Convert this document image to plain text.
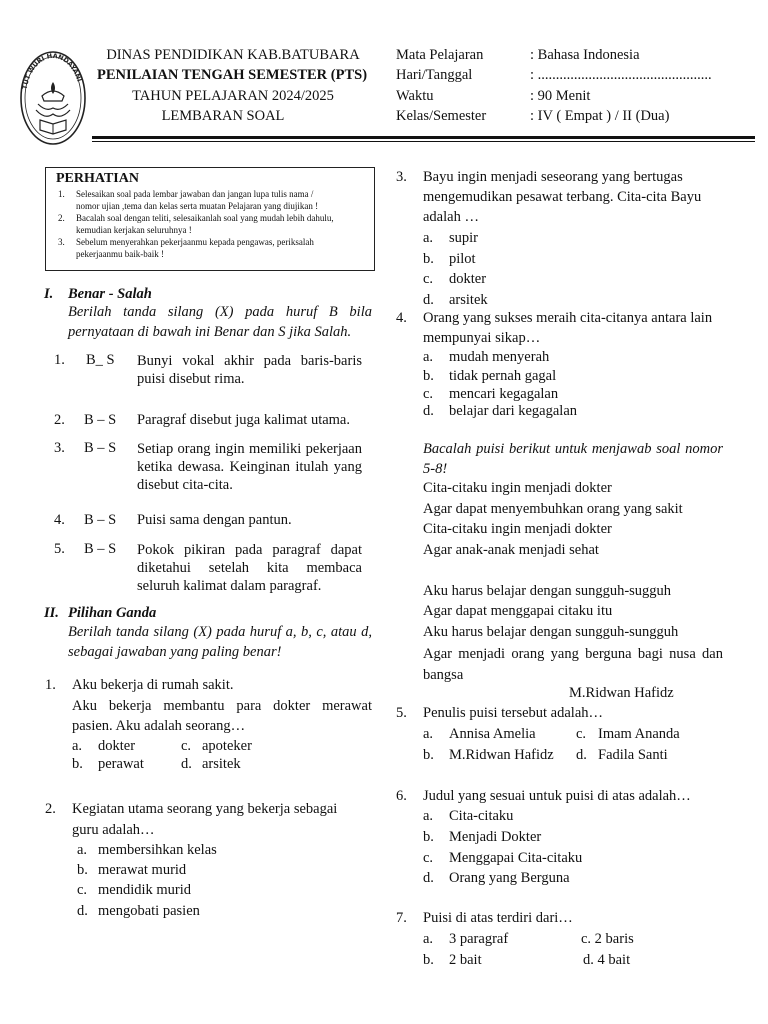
TUT WURI HANDAYANI
DINAS PENDIDIKAN KAB.BATUBARA
PENILAIAN TENGAH SEMESTER (PTS)
TAHUN PELAJARAN 2024/2025
LEMBARAN SOAL
Mata Pelajaran	: Bahasa Indonesia
Hari/Tanggal	: ................................................
Waktu	: 90 Menit
Kelas/Semester	: IV ( Empat ) / II (Dua)
PERHATIAN
1. Selesaikan soal pada lembar jawaban dan jangan lupa tulis nama /
nomor ujian ,tema dan kelas serta muatan Pelajaran yang diujikan !
2. Bacalah soal dengan teliti, selesaikanlah soal yang mudah lebih dahulu,
kemudian kerjakan seluruhnya !
3. Sebelum menyerahkan pekerjaanmu kepada pengawas, periksalah
pekerjaanmu baik-baik !
I. Benar - Salah
Berilah tanda silang (X) pada huruf B bila pernyataan di bawah ini Benar dan S jika Salah.
1. B_ S Bunyi vokal akhir pada baris-baris puisi disebut rima.
2. B – S Paragraf disebut juga kalimat utama.
3. B – S Setiap orang ingin memiliki pekerjaan ketika dewasa. Keinginan itulah yang disebut cita-cita.
4. B – S Puisi sama dengan pantun.
5. B – S Pokok pikiran pada paragraf dapat diketahui setelah kita membaca seluruh kalimat dalam paragraf.
II. Pilihan Ganda
Berilah tanda silang (X) pada huruf a, b, c, atau d, sebagai jawaban yang paling benar!
1. Aku bekerja di rumah sakit.
Aku bekerja membantu para dokter merawat pasien. Aku adalah seorang…
a. dokter	c. apoteker
b. perawat	d. arsitek
2. Kegiatan utama seorang yang bekerja sebagai
guru adalah…
a. membersihkan kelas
b. merawat murid
c. mendidik murid
d. mengobati pasien
3. Bayu ingin menjadi seseorang yang bertugas
mengemudikan pesawat terbang. Cita-cita Bayu
adalah …
a. supir
b. pilot
c. dokter
d. arsitek
4. Orang yang sukses meraih cita-citanya antara lain
mempunyai sikap…
a. mudah menyerah
b. tidak pernah gagal
c. mencari kegagalan
d. belajar dari kegagalan
Bacalah puisi berikut untuk menjawab soal nomor 5-8!
Cita-citaku ingin menjadi dokter
Agar dapat menyembuhkan orang yang sakit
Cita-citaku ingin menjadi dokter
Agar anak-anak menjadi sehat
Aku harus belajar dengan sungguh-sugguh
Agar dapat menggapai citaku itu
Aku harus belajar dengan sungguh-sungguh
Agar menjadi orang yang berguna bagi nusa dan bangsa
M.Ridwan Hafidz
5. Penulis puisi tersebut adalah…
a. Annisa Amelia	c. Imam Ananda
b. M.Ridwan Hafidz d. Fadila Santi
6. Judul yang sesuai untuk puisi di atas adalah…
a. Cita-citaku
b. Menjadi Dokter
c. Menggapai Cita-citaku
d. Orang yang Berguna
7. Puisi di atas terdiri dari…
a. 3 paragraf	c. 2 baris
b. 2 bait	d. 4 bait
